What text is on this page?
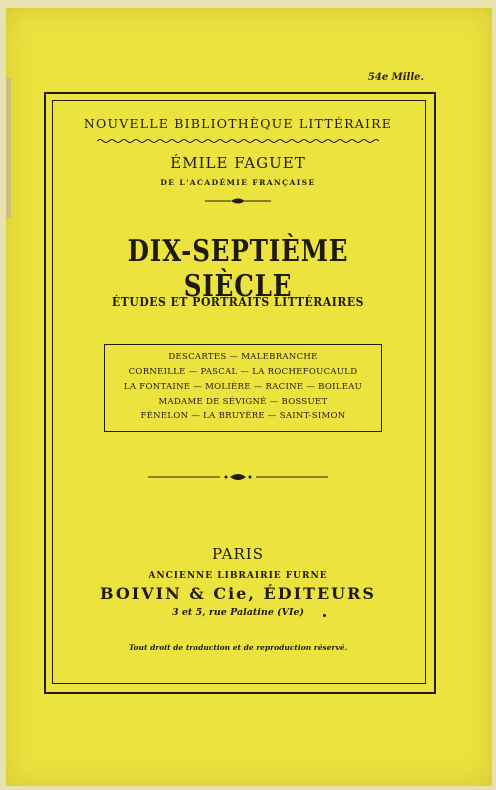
54e Mille.
NOUVELLE BIBLIOTHÈQUE LITTÉRAIRE
ÉMILE FAGUET
DE L'ACADÉMIE FRANÇAISE
DIX-SEPTIÈME SIÈCLE
ÉTUDES ET PORTRAITS LITTÉRAIRES
DESCARTES — MALEBRANCHE
CORNEILLE — PASCAL — LA ROCHEFOUCAULD
LA FONTAINE — MOLIÈRE — RACINE — BOILEAU
MADAME DE SÉVIGNÉ — BOSSUET
FÉNELON — LA BRUYÈRE — SAINT-SIMON
PARIS
ANCIENNE LIBRAIRIE FURNE
BOIVIN & Cie, ÉDITEURS
3 et 5, rue Palatine (VIe)
Tout droit de traduction et de reproduction réservé.
